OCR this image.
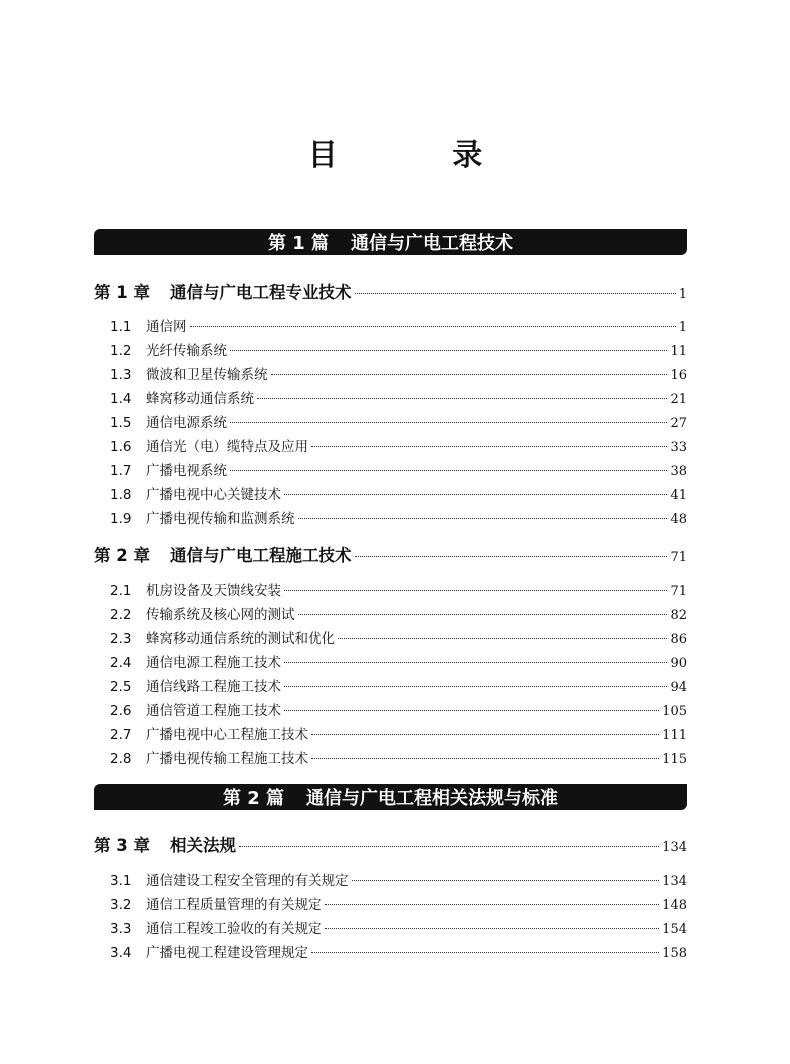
目 录
第 1 篇 通信与广电工程技术
第 1 章	通信与广电工程专业技术	1
1.1	通信网	1
1.2	光纤传输系统	11
1.3	微波和卫星传输系统	16
1.4	蜂窝移动通信系统	21
1.5	通信电源系统	27
1.6	通信光（电）缆特点及应用	33
1.7	广播电视系统	38
1.8	广播电视中心关键技术	41
1.9	广播电视传输和监测系统	48
第 2 章	通信与广电工程施工技术	71
2.1	机房设备及天馈线安装	71
2.2	传输系统及核心网的测试	82
2.3	蜂窝移动通信系统的测试和优化	86
2.4	通信电源工程施工技术	90
2.5	通信线路工程施工技术	94
2.6	通信管道工程施工技术	105
2.7	广播电视中心工程施工技术	111
2.8	广播电视传输工程施工技术	115
第 2 篇 通信与广电工程相关法规与标准
第 3 章	相关法规	134
3.1	通信建设工程安全管理的有关规定	134
3.2	通信工程质量管理的有关规定	148
3.3	通信工程竣工验收的有关规定	154
3.4	广播电视工程建设管理规定	158
